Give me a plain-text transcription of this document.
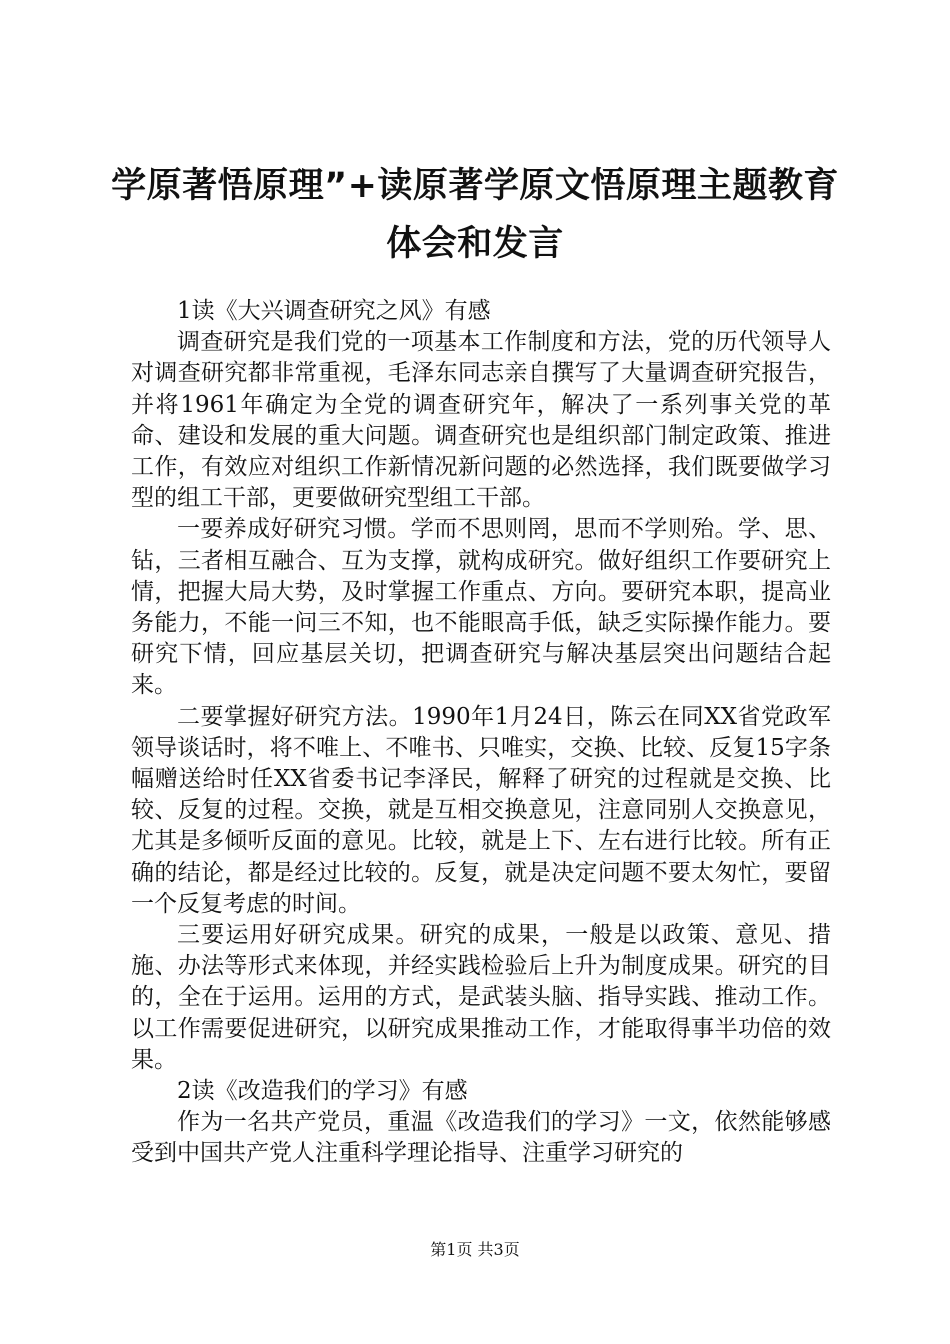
学原著悟原理”+读原著学原文悟原理主题教育体会和发言

1读《大兴调查研究之风》有感

调查研究是我们党的一项基本工作制度和方法，党的历代领导人对调查研究都非常重视，毛泽东同志亲自撰写了大量调查研究报告，并将1961年确定为全党的调查研究年，解决了一系列事关党的革命、建设和发展的重大问题。调查研究也是组织部门制定政策、推进工作，有效应对组织工作新情况新问题的必然选择，我们既要做学习型的组工干部，更要做研究型组工干部。

一要养成好研究习惯。学而不思则罔，思而不学则殆。学、思、钻，三者相互融合、互为支撑，就构成研究。做好组织工作要研究上情，把握大局大势，及时掌握工作重点、方向。要研究本职，提高业务能力，不能一问三不知，也不能眼高手低，缺乏实际操作能力。要研究下情，回应基层关切，把调查研究与解决基层突出问题结合起来。

二要掌握好研究方法。1990年1月24日，陈云在同XX省党政军领导谈话时，将不唯上、不唯书、只唯实，交换、比较、反复15字条幅赠送给时任XX省委书记李泽民，解释了研究的过程就是交换、比较、反复的过程。交换，就是互相交换意见，注意同别人交换意见，尤其是多倾听反面的意见。比较，就是上下、左右进行比较。所有正确的结论，都是经过比较的。反复，就是决定问题不要太匆忙，要留一个反复考虑的时间。

三要运用好研究成果。研究的成果，一般是以政策、意见、措施、办法等形式来体现，并经实践检验后上升为制度成果。研究的目的，全在于运用。运用的方式，是武装头脑、指导实践、推动工作。以工作需要促进研究，以研究成果推动工作，才能取得事半功倍的效果。

2读《改造我们的学习》有感

作为一名共产党员，重温《改造我们的学习》一文，依然能够感受到中国共产党人注重科学理论指导、注重学习研究的

第1页 共3页
